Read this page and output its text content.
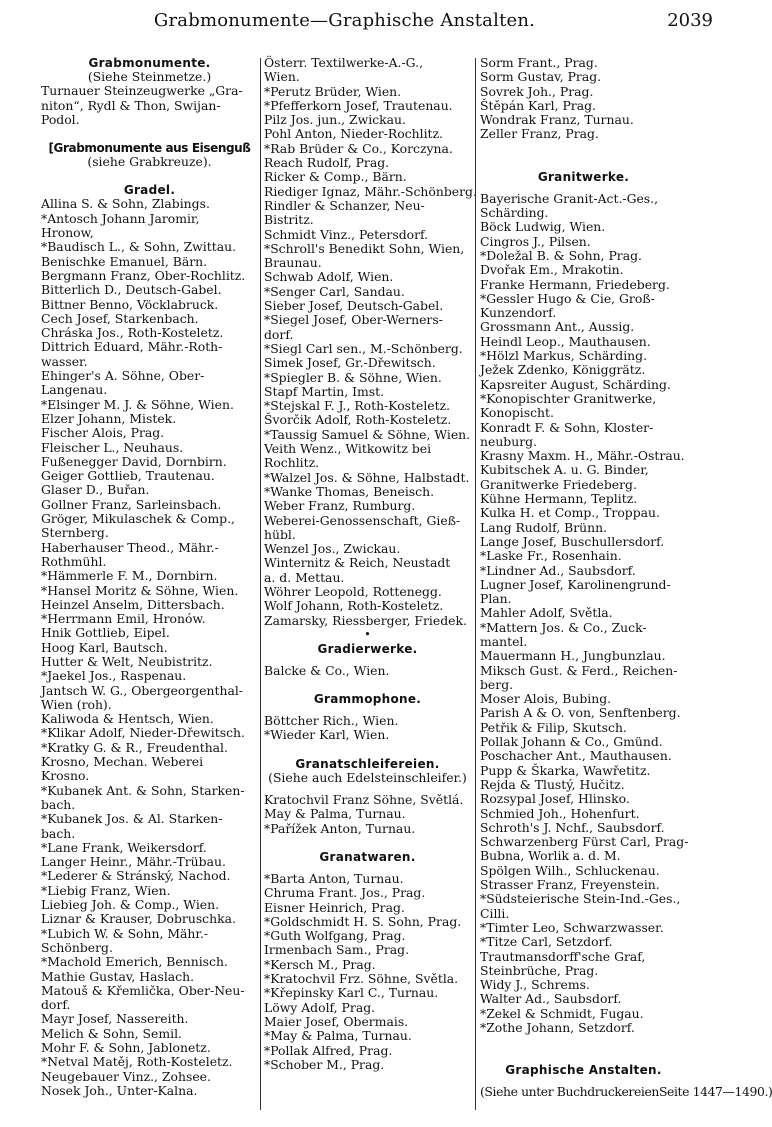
Grabmonumente—Graphische Anstalten.	2039
Grabmonumente.
(Siehe Steinmetze.)
Turnauer Steinzeugwerke „Gra-
niton“, Rydl & Thon, Swijan-
Podol.
[Grabmonumente aus Eisenguß
(siehe Grabkreuze).
Gradel.
Allina S. & Sohn, Zlabings.
*Antosch Johann Jaromir,
Hronow,
*Baudisch L., & Sohn, Zwittau.
Benischke Emanuel, Bärn.
Bergmann Franz, Ober-Rochlitz.
Bitterlich D., Deutsch-Gabel.
Bittner Benno, Vöcklabruck.
Cech Josef, Starkenbach.
Chráska Jos., Roth-Kosteletz.
Dittrich Eduard, Mähr.-Roth-
wasser.
Ehinger's A. Söhne, Ober-
Langenau.
*Elsinger M. J. & Söhne, Wien.
Elzer Johann, Mistek.
Fischer Alois, Prag.
Fleischer L., Neuhaus.
Fußenegger David, Dornbirn.
Geiger Gottlieb, Trautenau.
Glaser D., Buřan.
Gollner Franz, Sarleinsbach.
Gröger, Mikulaschek & Comp.,
Sternberg.
Haberhauser Theod., Mähr.-
Rothmühl.
*Hämmerle F. M., Dornbirn.
*Hansel Moritz & Söhne, Wien.
Heinzel Anselm, Dittersbach.
*Herrmann Emil, Hronów.
Hnik Gottlieb, Eipel.
Hoog Karl, Bautsch.
Hutter & Welt, Neubistritz.
*Jaekel Jos., Raspenau.
Jantsch W. G., Obergeorgenthal-
Wien (roh).
Kaliwoda & Hentsch, Wien.
*Klikar Adolf, Nieder-Dřewitsch.
*Kratky G. & R., Freudenthal.
Krosno, Mechan. Weberei
Krosno.
*Kubanek Ant. & Sohn, Starken-
bach.
*Kubanek Jos. & Al. Starken-
bach.
*Lane Frank, Weikersdorf.
Langer Heinr., Mähr.-Trübau.
*Lederer & Stránský, Nachod.
*Liebig Franz, Wien.
Liebieg Joh. & Comp., Wien.
Liznar & Krauser, Dobruschka.
*Lubich W. & Sohn, Mähr.-
Schönberg.
*Machold Emerich, Bennisch.
Mathie Gustav, Haslach.
Matouš & Křemlička, Ober-Neu-
dorf.
Mayr Josef, Nassereith.
Melich & Sohn, Semil.
Mohr F. & Sohn, Jablonetz.
*Netval Matěj, Roth-Kosteletz.
Neugebauer Vinz., Zohsee.
Nosek Joh., Unter-Kalna.
Österr. Textilwerke-A.-G.,
Wien.
*Perutz Brüder, Wien.
*Pfefferkorn Josef, Trautenau.
Pilz Jos. jun., Zwickau.
Pohl Anton, Nieder-Rochlitz.
*Rab Brüder & Co., Korczyna.
Reach Rudolf, Prag.
Ricker & Comp., Bärn.
Riediger Ignaz, Mähr.-Schönberg.
Rindler & Schanzer, Neu-
Bistritz.
Schmidt Vinz., Petersdorf.
*Schroll's Benedikt Sohn, Wien,
Braunau.
Schwab Adolf, Wien.
*Senger Carl, Sandau.
Sieber Josef, Deutsch-Gabel.
*Siegel Josef, Ober-Werners-
dorf.
*Siegl Carl sen., M.-Schönberg.
Simek Josef, Gr.-Dřewitsch.
*Spiegler B. & Söhne, Wien.
Stapf Martin, Imst.
*Stejskal F. J., Roth-Kosteletz.
Švorčik Adolf, Roth-Kosteletz.
*Taussig Samuel & Söhne, Wien.
Veith Wenz., Witkowitz bei
Rochlitz.
*Walzel Jos. & Söhne, Halbstadt.
*Wanke Thomas, Beneisch.
Weber Franz, Rumburg.
Weberei-Genossenschaft, Gieß-
hübl.
Wenzel Jos., Zwickau.
Winternitz & Reich, Neustadt
a. d. Mettau.
Wöhrer Leopold, Rottenegg.
Wolf Johann, Roth-Kosteletz.
Zamarsky, Riessberger, Friedek.
•
Gradierwerke.
Balcke & Co., Wien.
Grammophone.
Böttcher Rich., Wien.
*Wieder Karl, Wien.
Granatschleifereien.
(Siehe auch Edelsteinschleifer.)
Kratochvil Franz Söhne, Světlá.
May & Palma, Turnau.
*Pařížek Anton, Turnau.
Granatwaren.
*Barta Anton, Turnau.
Chruma Frant. Jos., Prag.
Eisner Heinrich, Prag.
*Goldschmidt H. S. Sohn, Prag.
*Guth Wolfgang, Prag.
Irmenbach Sam., Prag.
*Kersch M., Prag.
*Kratochvil Frz. Söhne, Světla.
*Křepinsky Karl C., Turnau.
Löwy Adolf, Prag.
Maier Josef, Obermais.
*May & Palma, Turnau.
*Pollak Alfred, Prag.
*Schober M., Prag.
Sorm Frant., Prag.
Sorm Gustav, Prag.
Sovrek Joh., Prag.
Štěpán Karl, Prag.
Wondrak Franz, Turnau.
Zeller Franz, Prag.
Granitwerke.
Bayerische Granit-Act.-Ges.,
Schärding.
Böck Ludwig, Wien.
Cingros J., Pilsen.
*Doležal B. & Sohn, Prag.
Dvořak Em., Mrakotin.
Franke Hermann, Friedeberg.
*Gessler Hugo & Cie, Groß-
Kunzendorf.
Grossmann Ant., Aussig.
Heindl Leop., Mauthausen.
*Hölzl Markus, Schärding.
Ježek Zdenko, Königgrätz.
Kapsreiter August, Schärding.
*Konopischter Granitwerke,
Konopischt.
Konradt F. & Sohn, Kloster-
neuburg.
Krasny Maxm. H., Mähr.-Ostrau.
Kubitschek A. u. G. Binder,
Granitwerke Friedeberg.
Kühne Hermann, Teplitz.
Kulka H. et Comp., Troppau.
Lang Rudolf, Brünn.
Lange Josef, Buschullersdorf.
*Laske Fr., Rosenhain.
*Lindner Ad., Saubsdorf.
Lugner Josef, Karolinengrund-
Plan.
Mahler Adolf, Světla.
*Mattern Jos. & Co., Zuck-
mantel.
Mauermann H., Jungbunzlau.
Miksch Gust. & Ferd., Reichen-
berg.
Moser Alois, Bubing.
Parish A & O. von, Senftenberg.
Petřik & Filip, Skutsch.
Pollak Johann & Co., Gmünd.
Poschacher Ant., Mauthausen.
Pupp & Škarka, Wawřetitz.
Rejda & Tlustý, Hučitz.
Rozsypal Josef, Hlinsko.
Schmied Joh., Hohenfurt.
Schroth's J. Nchf., Saubsdorf.
Schwarzenberg Fürst Carl, Prag-
Bubna, Worlik a. d. M.
Spölgen Wilh., Schluckenau.
Strasser Franz, Freyenstein.
*Südsteierische Stein-Ind.-Ges.,
Cilli.
*Timter Leo, Schwarzwasser.
*Titze Carl, Setzdorf.
Trautmansdorff'sche Graf,
Steinbrüche, Prag.
Widy J., Schrems.
Walter Ad., Saubsdorf.
*Zekel & Schmidt, Fugau.
*Zothe Johann, Setzdorf.
Graphische Anstalten.
(Siehe unter BuchdruckereienSeite 1447—1490.)
